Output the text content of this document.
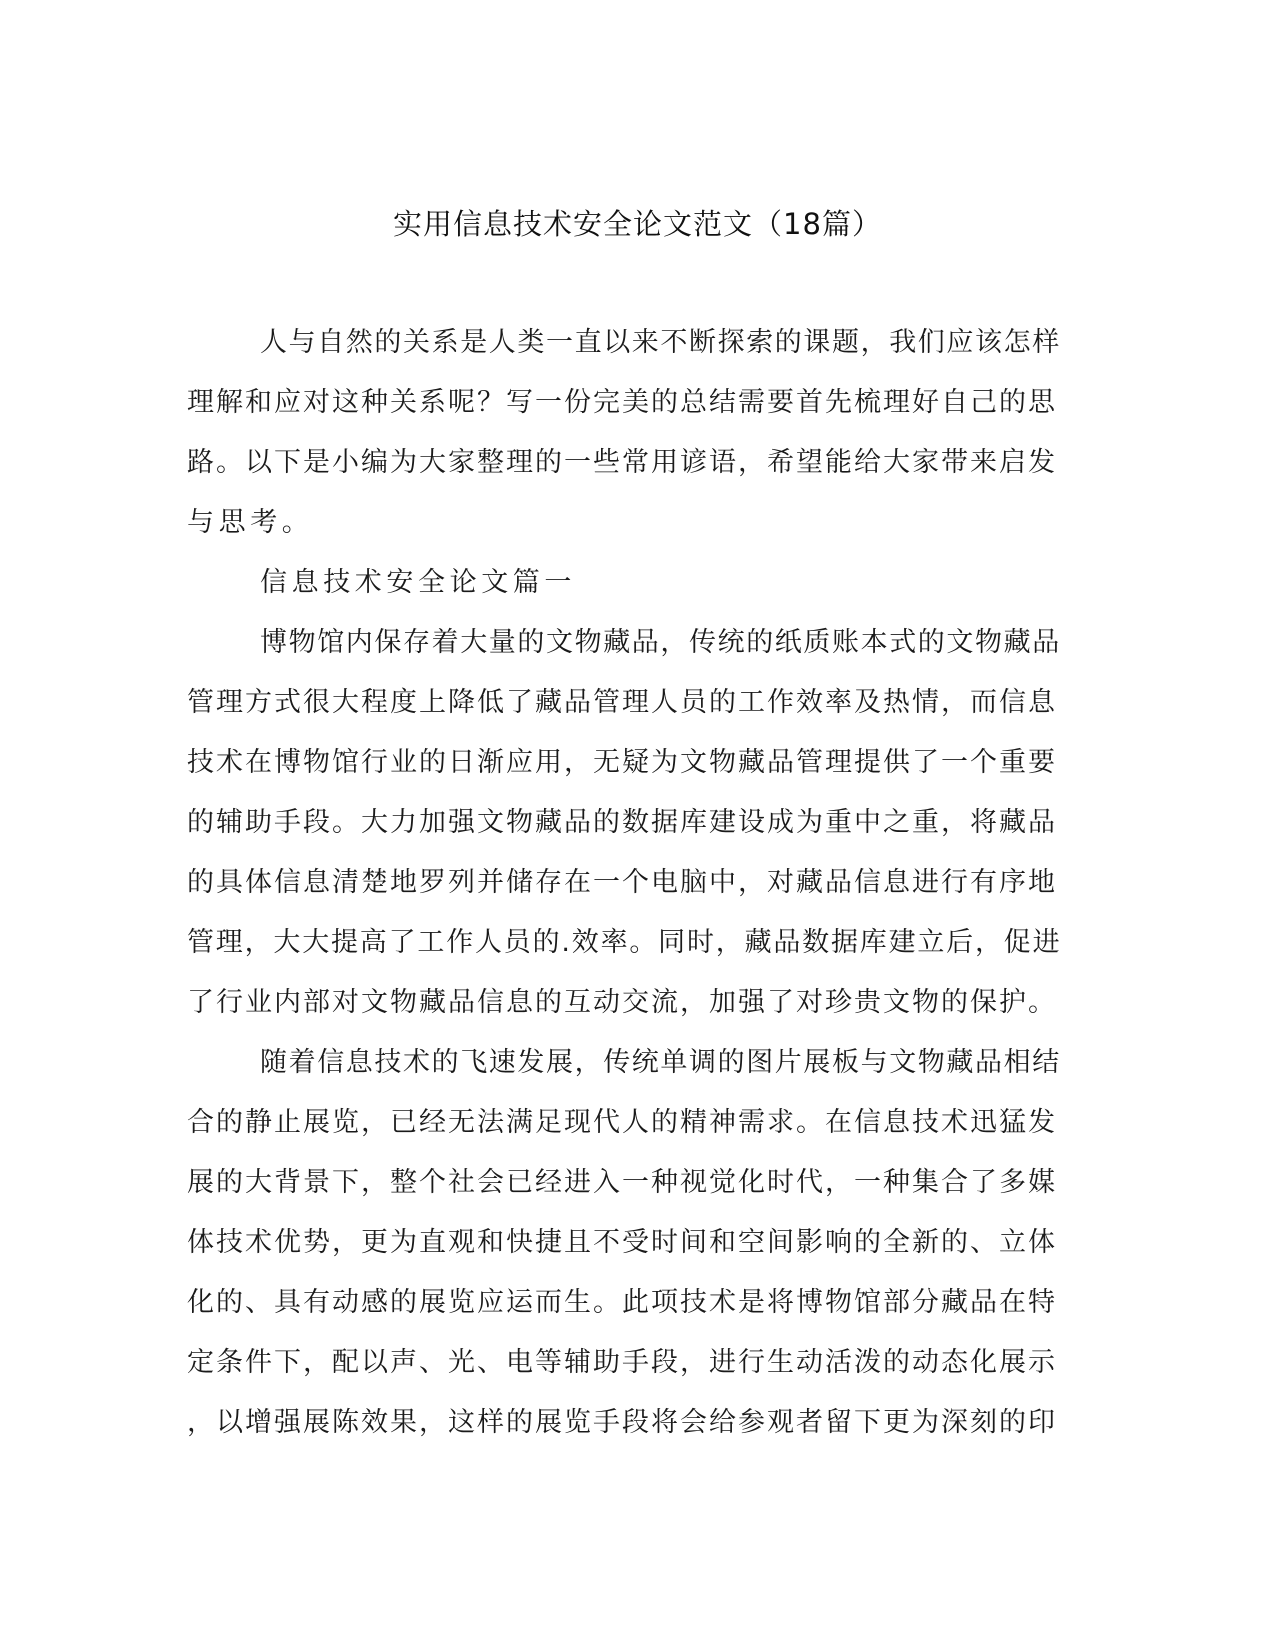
实用信息技术安全论文范文（18篇）
人与自然的关系是人类一直以来不断探索的课题，我们应该怎样
理解和应对这种关系呢？写一份完美的总结需要首先梳理好自己的思
路。以下是小编为大家整理的一些常用谚语，希望能给大家带来启发
与思考。
信息技术安全论文篇一
博物馆内保存着大量的文物藏品，传统的纸质账本式的文物藏品
管理方式很大程度上降低了藏品管理人员的工作效率及热情，而信息
技术在博物馆行业的日渐应用，无疑为文物藏品管理提供了一个重要
的辅助手段。大力加强文物藏品的数据库建设成为重中之重，将藏品
的具体信息清楚地罗列并储存在一个电脑中，对藏品信息进行有序地
管理，大大提高了工作人员的.效率。同时，藏品数据库建立后，促进
了行业内部对文物藏品信息的互动交流，加强了对珍贵文物的保护。
随着信息技术的飞速发展，传统单调的图片展板与文物藏品相结
合的静止展览，已经无法满足现代人的精神需求。在信息技术迅猛发
展的大背景下，整个社会已经进入一种视觉化时代，一种集合了多媒
体技术优势，更为直观和快捷且不受时间和空间影响的全新的、立体
化的、具有动感的展览应运而生。此项技术是将博物馆部分藏品在特
定条件下，配以声、光、电等辅助手段，进行生动活泼的动态化展示
，以增强展陈效果，这样的展览手段将会给参观者留下更为深刻的印
